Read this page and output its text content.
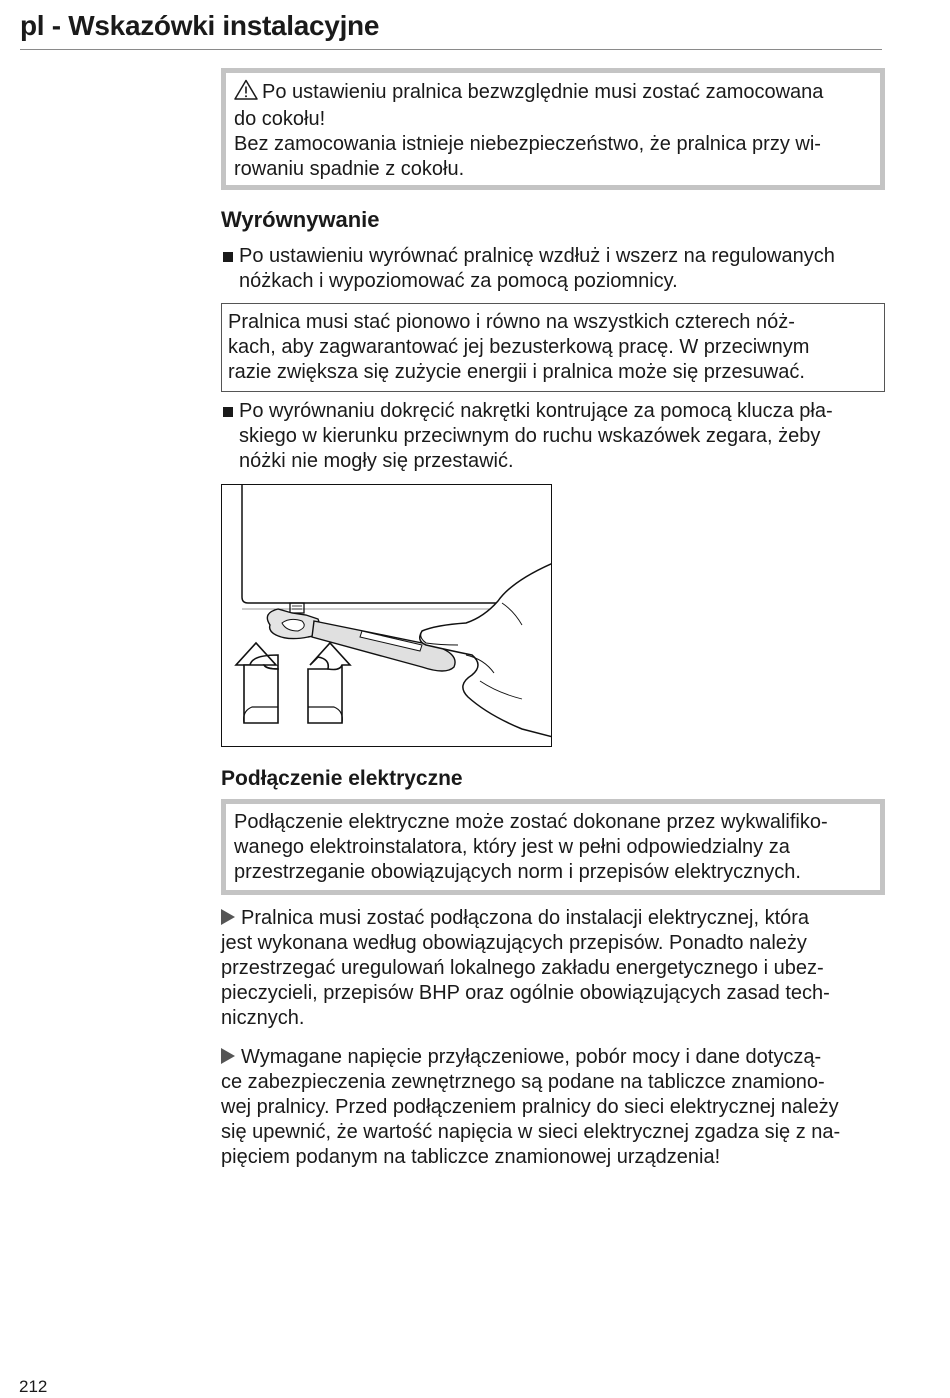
pl - Wskazówki instalacyjne

Po ustawieniu pralnica bezwzględnie musi zostać zamocowana

do cokołu!

Bez zamocowania istnieje niebezpieczeństwo, że pralnica przy wi-

rowaniu spadnie z cokołu.

Wyrównywanie
Po ustawieniu wyrównać pralnicę wzdłuż i wszerz na regulowanych
nóżkach i wypoziomować za pomocą poziomnicy.
Pralnica musi stać pionowo i równo na wszystkich czterech nóż-
kach, aby zagwarantować jej bezusterkową pracę. W przeciwnym
razie zwiększa się zużycie energii i pralnica może się przesuwać.
Po wyrównaniu dokręcić nakrętki kontrujące za pomocą klucza pła-
skiego w kierunku przeciwnym do ruchu wskazówek zegara, żeby
nóżki nie mogły się przestawić.
Podłączenie elektryczne
Podłączenie elektryczne może zostać dokonane przez wykwalifiko-
wanego elektroinstalatora, który jest w pełni odpowiedzialny za
przestrzeganie obowiązujących norm i przepisów elektrycznych.
Pralnica musi zostać podłączona do instalacji elektrycznej, która
jest wykonana według obowiązujących przepisów. Ponadto należy
przestrzegać uregulowań lokalnego zakładu energetycznego i ubez-
pieczycieli, przepisów BHP oraz ogólnie obowiązujących zasad tech-
nicznych.
Wymagane napięcie przyłączeniowe, pobór mocy i dane dotyczą-
ce zabezpieczenia zewnętrznego są podane na tabliczce znamiono-
wej pralnicy. Przed podłączeniem pralnicy do sieci elektrycznej należy
się upewnić, że wartość napięcia w sieci elektrycznej zgadza się z na-
pięciem podanym na tabliczce znamionowej urządzenia!
212
